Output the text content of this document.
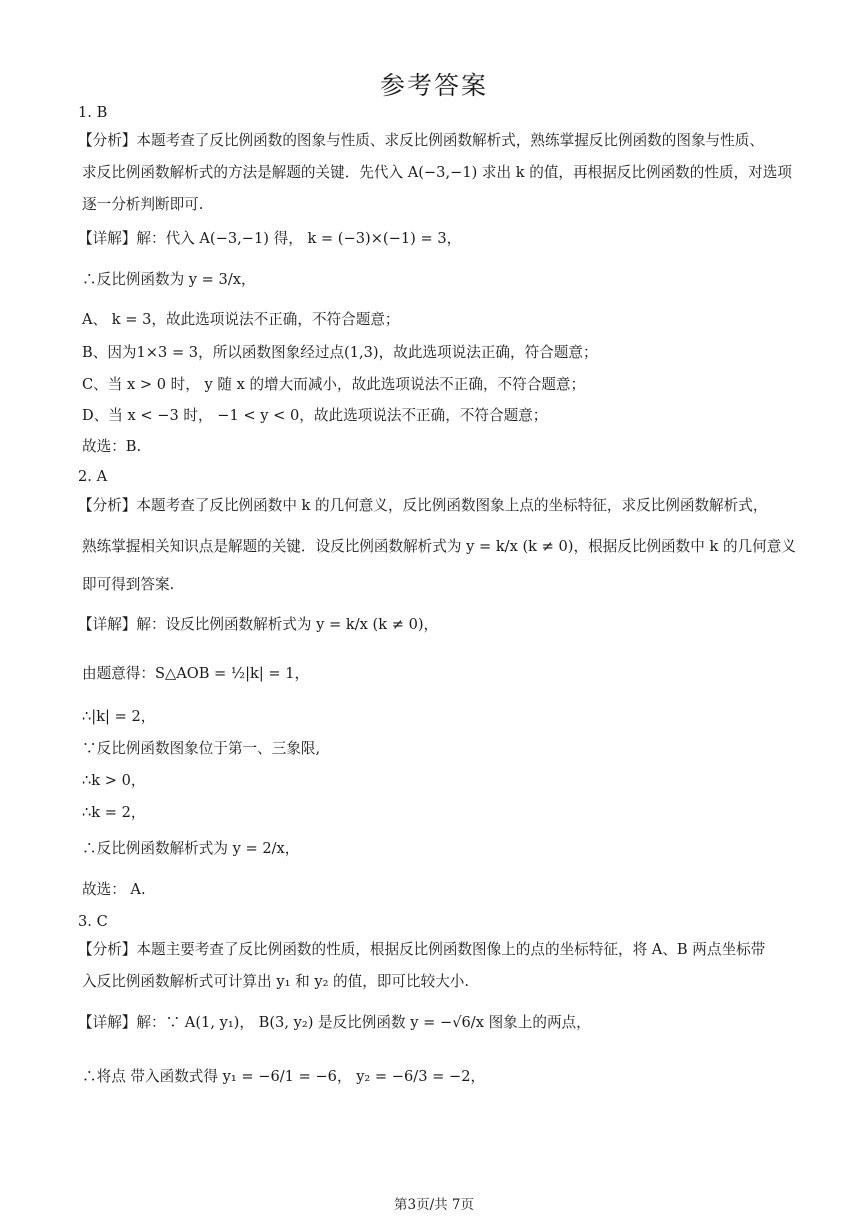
参考答案
1. B
【分析】本题考查了反比例函数的图象与性质、求反比例函数解析式，熟练掌握反比例函数的图象与性质、
求反比例函数解析式的方法是解题的关键．先代入 A(−3,−1) 求出 k 的值，再根据反比例函数的性质，对选项
逐一分析判断即可.
【详解】解：代入 A(−3,−1) 得， k = (−3)×(−1) = 3，
∴反比例函数为 y = 3/x，
A、 k = 3，故此选项说法不正确，不符合题意；
B、因为1×3 = 3，所以函数图象经过点(1,3)，故此选项说法正确，符合题意；
C、当 x > 0 时， y 随 x 的增大而减小，故此选项说法不正确，不符合题意；
D、当 x < −3 时， −1 < y < 0，故此选项说法不正确，不符合题意；
故选：B.
2. A
【分析】本题考查了反比例函数中 k 的几何意义，反比例函数图象上点的坐标特征，求反比例函数解析式，
熟练掌握相关知识点是解题的关键．设反比例函数解析式为 y = k/x (k ≠ 0)，根据反比例函数中 k 的几何意义
即可得到答案.
【详解】解：设反比例函数解析式为 y = k/x (k ≠ 0)，
由题意得：S△AOB = ½|k| = 1，
∴|k| = 2，
∵反比例函数图象位于第一、三象限,
∴k > 0，
∴k = 2，
∴反比例函数解析式为 y = 2/x，
故选： A.
3. C
【分析】本题主要考查了反比例函数的性质，根据反比例函数图像上的点的坐标特征，将 A、B 两点坐标带
入反比例函数解析式可计算出 y₁ 和 y₂ 的值，即可比较大小.
【详解】解：∵ A(1, y₁)， B(3, y₂) 是反比例函数 y = −√6/x 图象上的两点，
∴将点 带入函数式得 y₁ = −6/1 = −6， y₂ = −6/3 = −2，
第3页/共 7页
